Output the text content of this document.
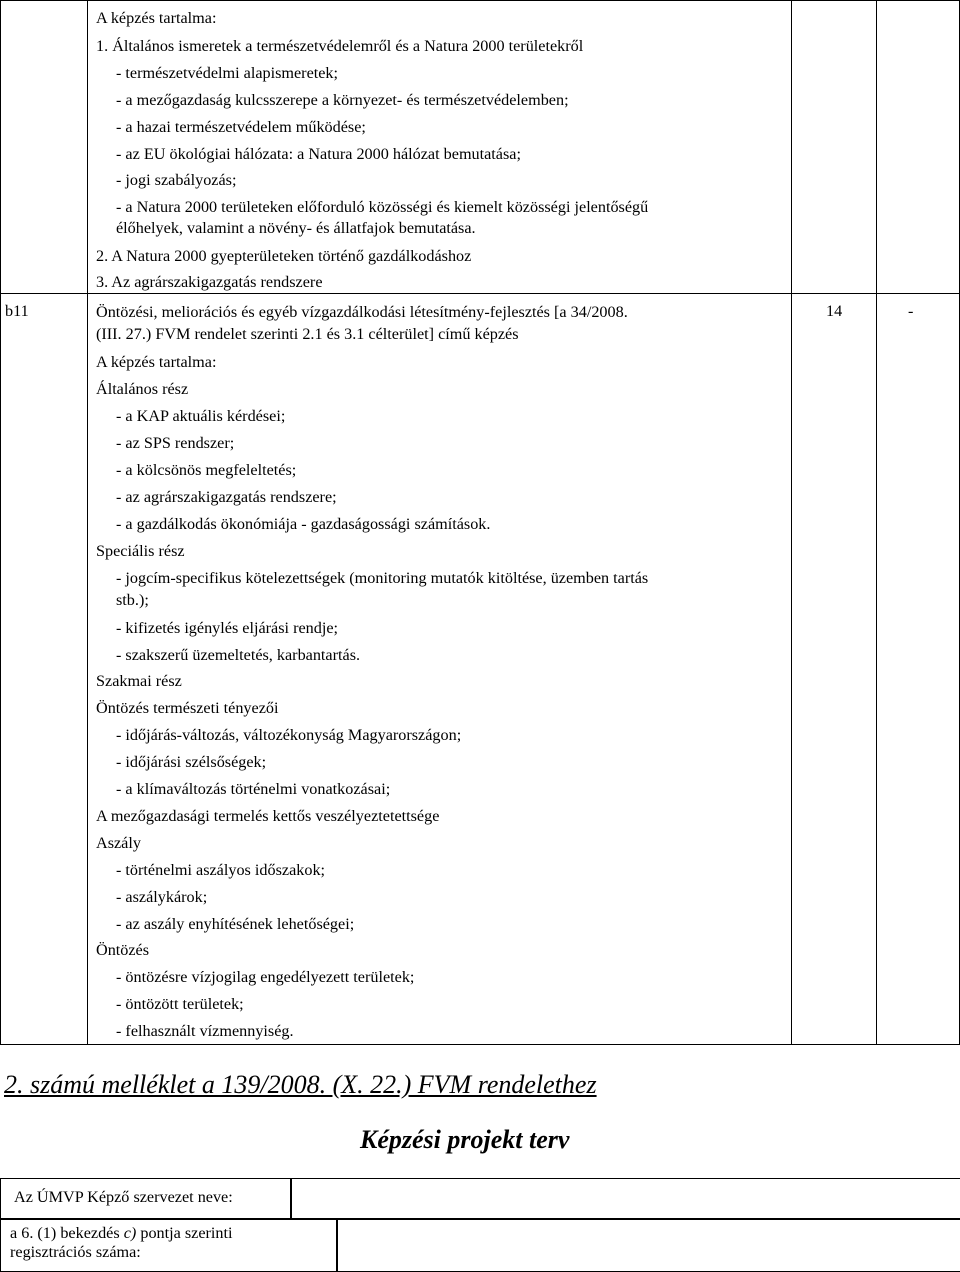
A képzés tartalma:
1. Általános ismeretek a természetvédelemről és a Natura 2000 területekről
- természetvédelmi alapismeretek;
- a mezőgazdaság kulcsszerepe a környezet- és természetvédelemben;
- a hazai természetvédelem működése;
- az EU ökológiai hálózata: a Natura 2000 hálózat bemutatása;
- jogi szabályozás;
- a Natura 2000 területeken előforduló közösségi és kiemelt közösségi jelentőségű
élőhelyek, valamint a növény- és állatfajok bemutatása.
2. A Natura 2000 gyepterületeken történő gazdálkodáshoz
3. Az agrárszakigazgatás rendszere
b11	14	-
Öntözési, meliorációs és egyéb vízgazdálkodási létesítmény-fejlesztés [a 34/2008.
(III. 27.) FVM rendelet szerinti 2.1 és 3.1 célterület] című képzés
A képzés tartalma:
Általános rész
- a KAP aktuális kérdései;
- az SPS rendszer;
- a kölcsönös megfeleltetés;
- az agrárszakigazgatás rendszere;
- a gazdálkodás ökonómiája - gazdaságossági számítások.
Speciális rész
- jogcím-specifikus kötelezettségek (monitoring mutatók kitöltése, üzemben tartás
stb.);
- kifizetés igénylés eljárási rendje;
- szakszerű üzemeltetés, karbantartás.
Szakmai rész
Öntözés természeti tényezői
- időjárás-változás, változékonyság Magyarországon;
- időjárási szélsőségek;
- a klímaváltozás történelmi vonatkozásai;
A mezőgazdasági termelés kettős veszélyeztetettsége
Aszály
- történelmi aszályos időszakok;
- aszálykárok;
- az aszály enyhítésének lehetőségei;
Öntözés
- öntözésre vízjogilag engedélyezett területek;
- öntözött területek;
- felhasznált vízmennyiség.
2. számú melléklet a 139/2008. (X. 22.) FVM rendelethez
Képzési projekt terv
Az ÚMVP Képző szervezet neve:
a 6. (1) bekezdés c) pontja szerinti
regisztrációs száma:
